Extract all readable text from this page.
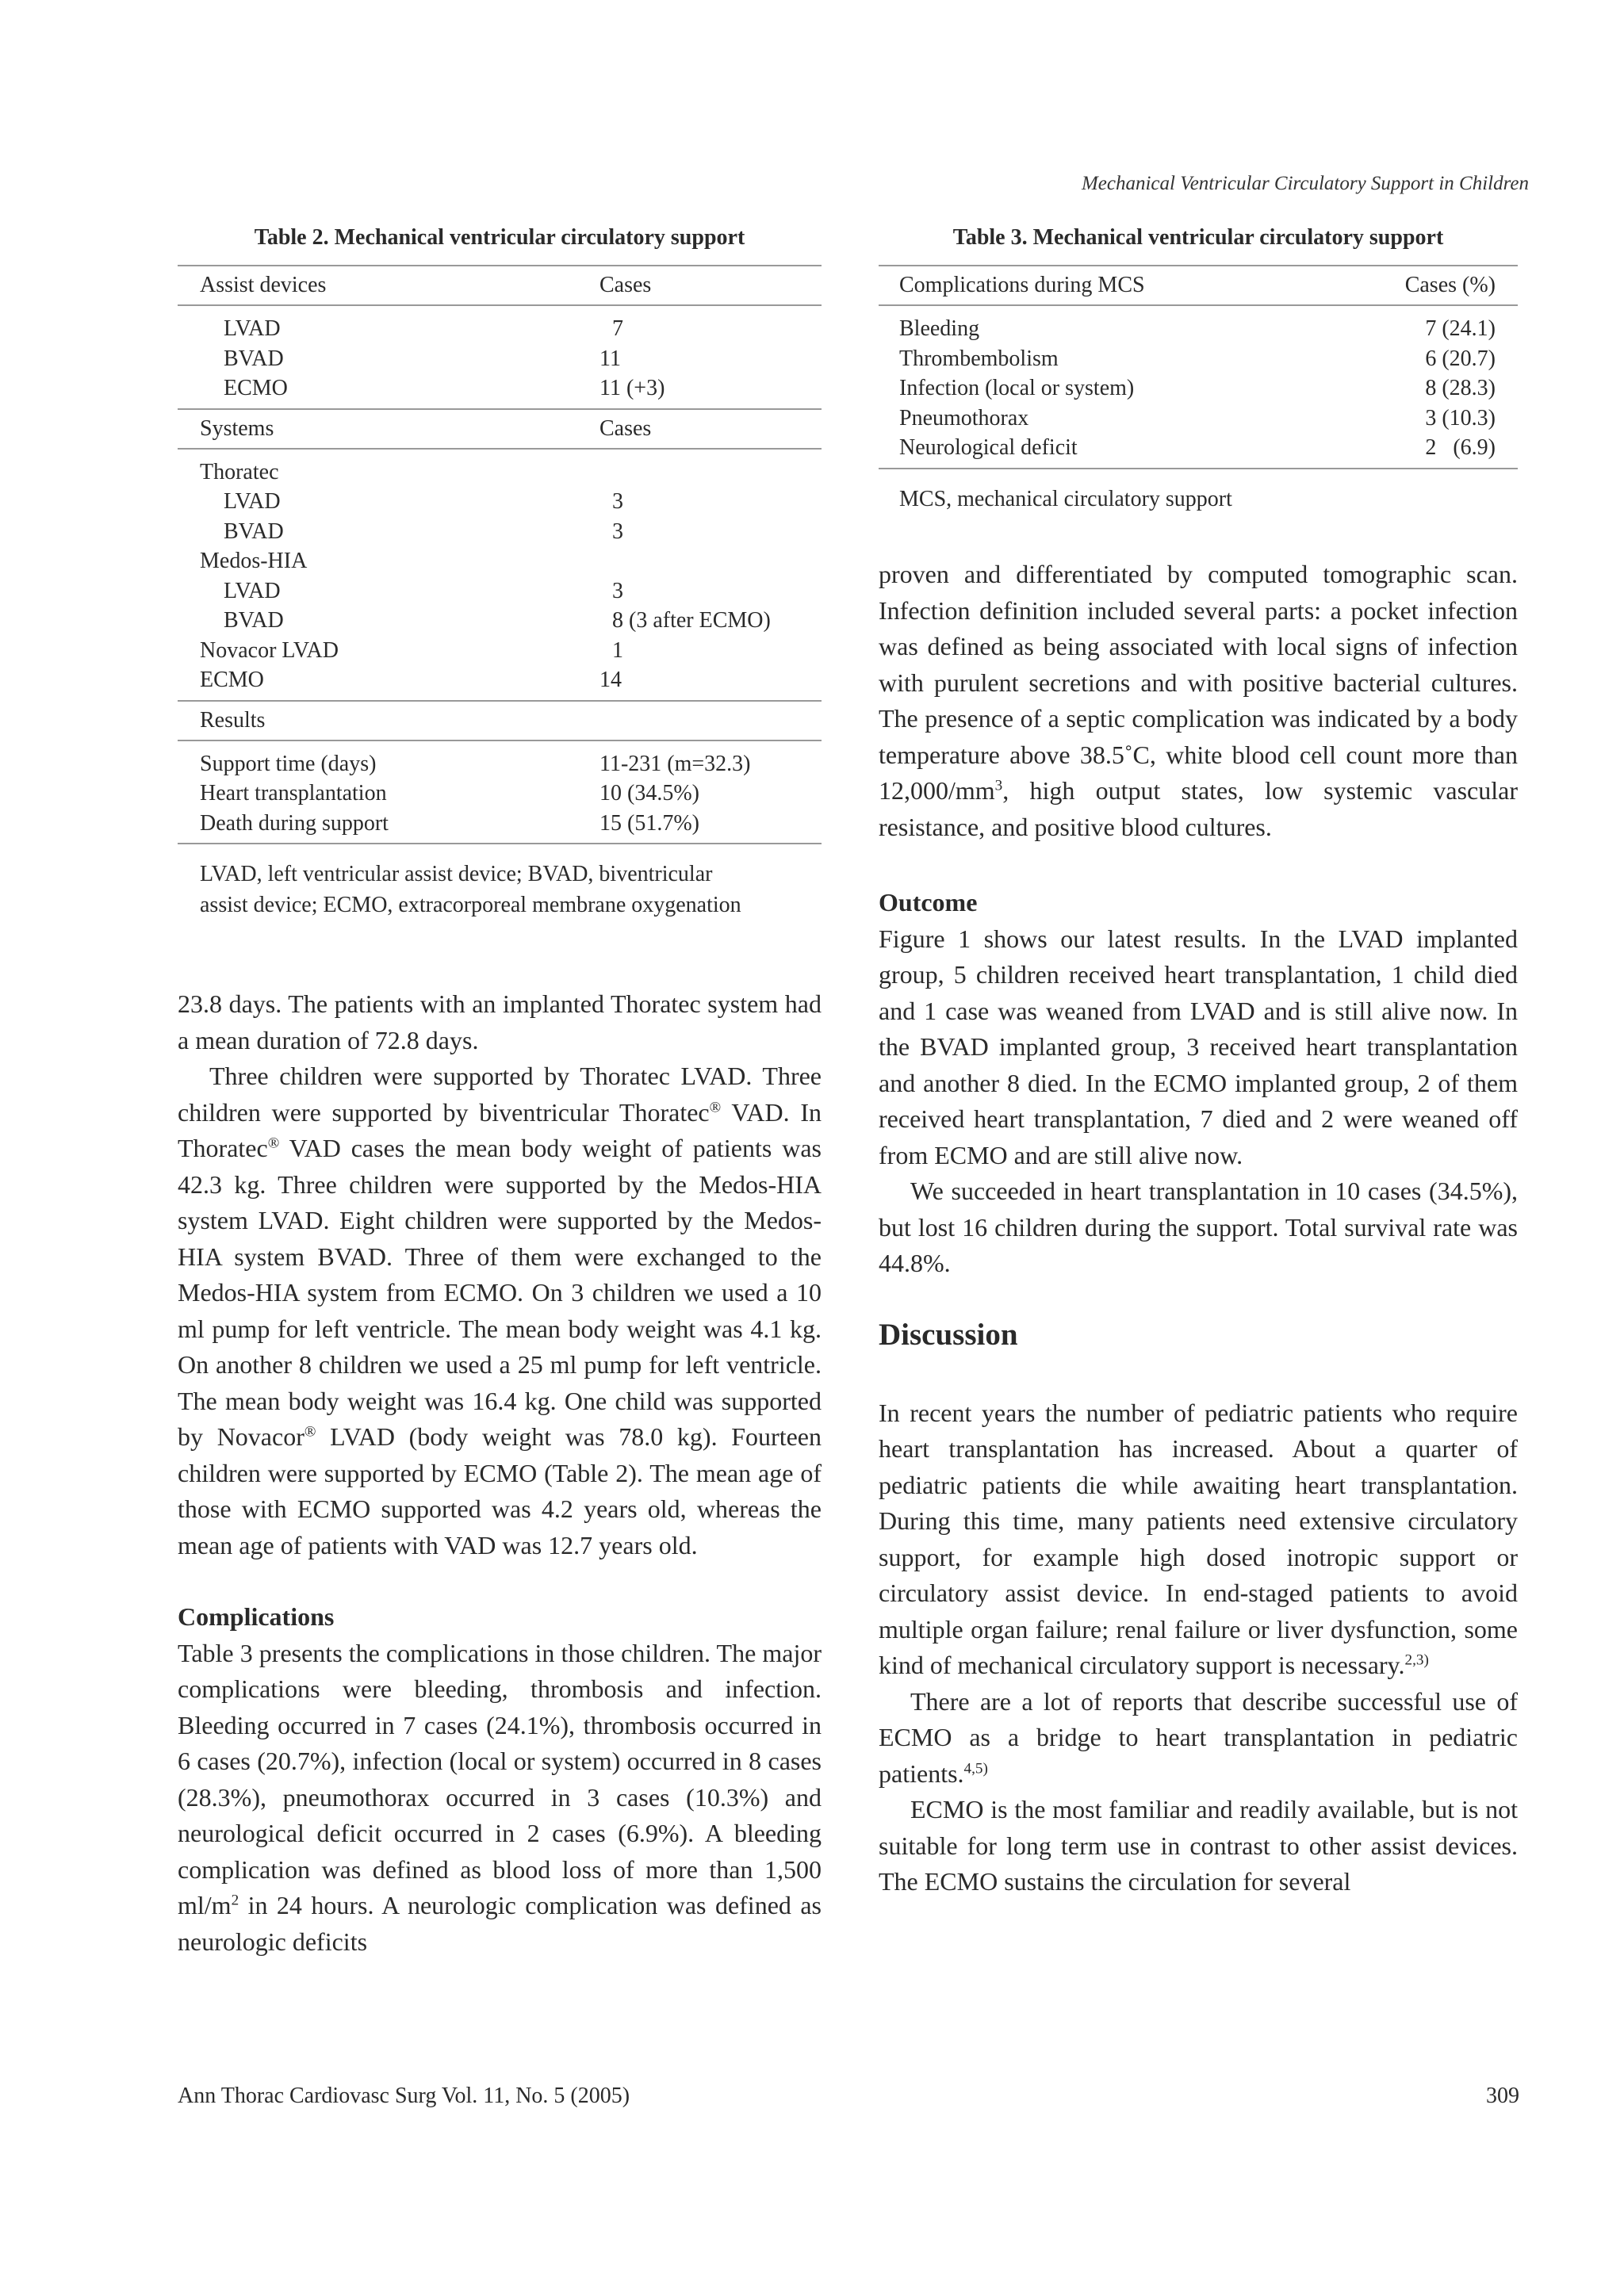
Mechanical Ventricular Circulatory Support in Children
Table 2. Mechanical ventricular circulatory support
Assist devices	Cases

LVAD	7
BVAD	11
ECMO	11 (+3)
Systems	Cases

Thoratec	
LVAD	3
BVAD	3
Medos-HIA	
LVAD	3
BVAD	8 (3 after ECMO)
Novacor LVAD	1
ECMO	14
Results	

Support time (days)	11-231 (m=32.3)
Heart transplantation	10 (34.5%)
Death during support	15 (51.7%)
LVAD, left ventricular assist device; BVAD, biventricular
assist device; ECMO, extracorporeal membrane oxygenation
Table 3. Mechanical ventricular circulatory support
Complications during MCS	Cases (%)

Bleeding	7 (24.1)
Thrombembolism	6 (20.7)
Infection (local or system)	8 (28.3)
Pneumothorax	3 (10.3)
Neurological deficit	2   (6.9)
MCS, mechanical circulatory support

23.8 days. The patients with an implanted Thoratec system had a mean duration of 72.8 days.

Three children were supported by Thoratec LVAD. Three children were supported by biventricular Thoratec® VAD. In Thoratec® VAD cases the mean body weight of patients was 42.3 kg. Three children were supported by the Medos-HIA system LVAD. Eight children were supported by the Medos-HIA system BVAD. Three of them were exchanged to the Medos-HIA system from ECMO. On 3 children we used a 10 ml pump for left ventricle. The mean body weight was 4.1 kg. On another 8 children we used a 25 ml pump for left ventricle. The mean body weight was 16.4 kg. One child was supported by Novacor® LVAD (body weight was 78.0 kg). Fourteen children were supported by ECMO (Table 2). The mean age of those with ECMO supported was 4.2 years old, whereas the mean age of patients with VAD was 12.7 years old.

Complications

Table 3 presents the complications in those children. The major complications were bleeding, thrombosis and infection. Bleeding occurred in 7 cases (24.1%), thrombosis occurred in 6 cases (20.7%), infection (local or system) occurred in 8 cases (28.3%), pneumothorax occurred in 3 cases (10.3%) and neurological deficit occurred in 2 cases (6.9%). A bleeding complication was defined as blood loss of more than 1,500 $ml/m^2$ in 24 hours. A neurologic complication was defined as neurologic deficits

proven and differentiated by computed tomographic scan. Infection definition included several parts: a pocket infection was defined as being associated with local signs of infection with purulent secretions and with positive bacterial cultures. The presence of a septic complication was indicated by a body temperature above 38.5˚C, white blood cell count more than $12,000/mm^3$, high output states, low systemic vascular resistance, and positive blood cultures.

Outcome

Figure 1 shows our latest results. In the LVAD implanted group, 5 children received heart transplantation, 1 child died and 1 case was weaned from LVAD and is still alive now. In the BVAD implanted group, 3 received heart transplantation and another 8 died. In the ECMO implanted group, 2 of them received heart transplantation, 7 died and 2 were weaned off from ECMO and are still alive now.

We succeeded in heart transplantation in 10 cases (34.5%), but lost 16 children during the support. Total survival rate was 44.8%.

Discussion

In recent years the number of pediatric patients who require heart transplantation has increased. About a quarter of pediatric patients die while awaiting heart transplantation. During this time, many patients need extensive circulatory support, for example high dosed inotropic support or circulatory assist device. In end-staged patients to avoid multiple organ failure; renal failure or liver dysfunction, some kind of mechanical circulatory support is necessary.$^{2,3)}$

There are a lot of reports that describe successful use of ECMO as a bridge to heart transplantation in pediatric patients.$^{4,5)}$

ECMO is the most familiar and readily available, but is not suitable for long term use in contrast to other assist devices. The ECMO sustains the circulation for several

Ann Thorac Cardiovasc Surg Vol. 11, No. 5 (2005)	309
